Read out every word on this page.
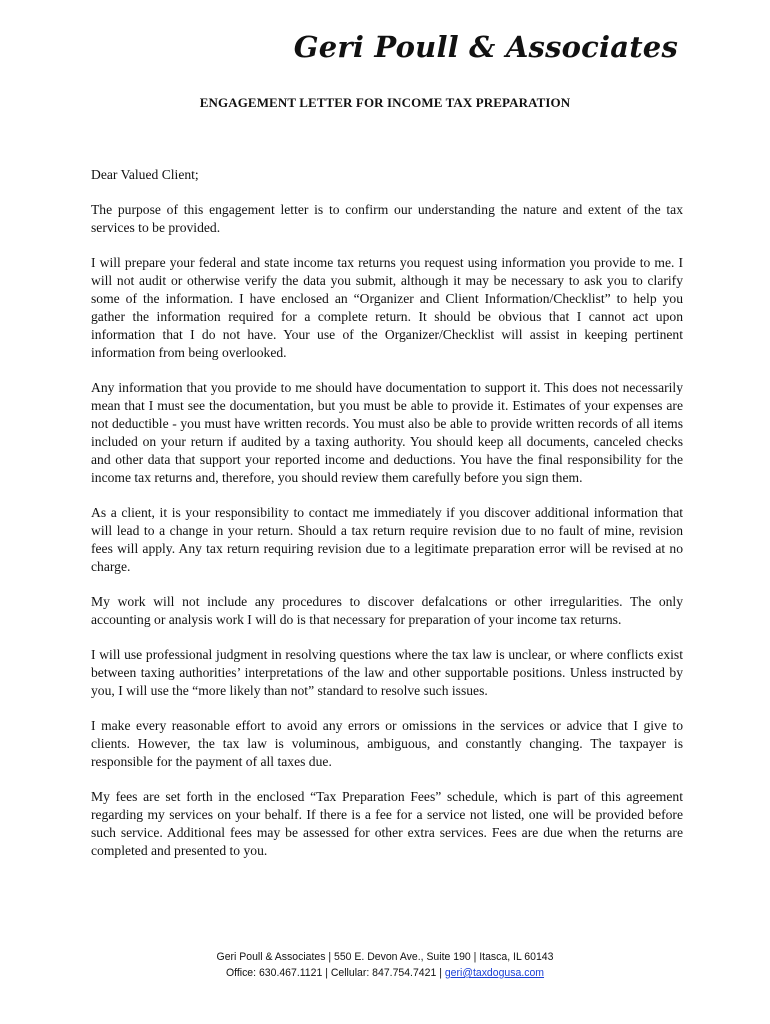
Geri Poull & Associates
ENGAGEMENT LETTER FOR INCOME TAX PREPARATION

Dear Valued Client;

The purpose of this engagement letter is to confirm our understanding the nature and extent of the tax services to be provided.

I will prepare your federal and state income tax returns you request using information you provide to me. I will not audit or otherwise verify the data you submit, although it may be necessary to ask you to clarify some of the information. I have enclosed an “Organizer and Client Information/Checklist” to help you gather the information required for a complete return. It should be obvious that I cannot act upon information that I do not have. Your use of the Organizer/Checklist will assist in keeping pertinent information from being overlooked.

Any information that you provide to me should have documentation to support it. This does not necessarily mean that I must see the documentation, but you must be able to provide it. Estimates of your expenses are not deductible - you must have written records. You must also be able to provide written records of all items included on your return if audited by a taxing authority. You should keep all documents, canceled checks and other data that support your reported income and deductions. You have the final responsibility for the income tax returns and, therefore, you should review them carefully before you sign them.

As a client, it is your responsibility to contact me immediately if you discover additional information that will lead to a change in your return. Should a tax return require revision due to no fault of mine, revision fees will apply. Any tax return requiring revision due to a legitimate preparation error will be revised at no charge.

My work will not include any procedures to discover defalcations or other irregularities. The only accounting or analysis work I will do is that necessary for preparation of your income tax returns.

I will use professional judgment in resolving questions where the tax law is unclear, or where conflicts exist between taxing authorities’ interpretations of the law and other supportable positions. Unless instructed by you, I will use the “more likely than not” standard to resolve such issues.

I make every reasonable effort to avoid any errors or omissions in the services or advice that I give to clients. However, the tax law is voluminous, ambiguous, and constantly changing. The taxpayer is responsible for the payment of all taxes due.

My fees are set forth in the enclosed “Tax Preparation Fees” schedule, which is part of this agreement regarding my services on your behalf. If there is a fee for a service not listed, one will be provided before such service. Additional fees may be assessed for other extra services. Fees are due when the returns are completed and presented to you.

Geri Poull & Associates | 550 E. Devon Ave., Suite 190 | Itasca, IL 60143
Office: 630.467.1121 | Cellular: 847.754.7421 | geri@taxdogusa.com
